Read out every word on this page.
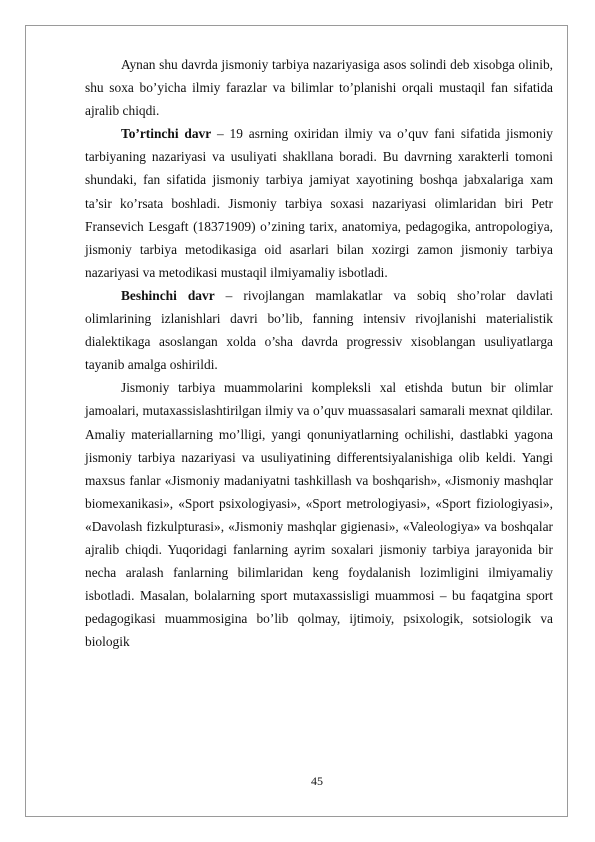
Aynan shu davrda jismoniy tarbiya nazariyasiga asos solindi deb xisobga olinib, shu soxa bo’yicha ilmiy farazlar va bilimlar to’planishi orqali mustaqil fan sifatida ajralib chiqdi.

To’rtinchi davr – 19 asrning oxiridan ilmiy va o’quv fani sifatida jismoniy tarbiyaning nazariyasi va usuliyati shakllana boradi. Bu davrning xarakterli tomoni shundaki, fan sifatida jismoniy tarbiya jamiyat xayotining boshqa jabxalariga xam ta’sir ko’rsata boshladi. Jismoniy tarbiya soxasi nazariyasi olimlaridan biri Petr Fransevich Lesgaft (18371909) o’zining tarix, anatomiya, pedagogika, antropologiya, jismoniy tarbiya metodikasiga oid asarlari bilan xozirgi zamon jismoniy tarbiya nazariyasi va metodikasi mustaqil ilmiyamaliy isbotladi.

Beshinchi davr – rivojlangan mamlakatlar va sobiq sho’rolar davlati olimlarining izlanishlari davri bo’lib, fanning intensiv rivojlanishi materialistik dialektikaga asoslangan xolda o’sha davrda progressiv xisoblangan usuliyatlarga tayanib amalga oshirildi.

Jismoniy tarbiya muammolarini kompleksli xal etishda butun bir olimlar jamoalari, mutaxassislashtirilgan ilmiy va o’quv muassasalari samarali mexnat qildilar. Amaliy materiallarning mo’lligi, yangi qonuniyatlarning ochilishi, dastlabki yagona jismoniy tarbiya nazariyasi va usuliyatining differentsiyalanishiga olib keldi. Yangi maxsus fanlar «Jismoniy madaniyatni tashkillash va boshqarish», «Jismoniy mashqlar biomexanikasi», «Sport psixologiyasi», «Sport metrologiyasi», «Sport fiziologiyasi», «Davolash fizkulpturasi», «Jismoniy mashqlar gigienasi», «Valeologiya» va boshqalar ajralib chiqdi. Yuqoridagi fanlarning ayrim soxalari jismoniy tarbiya jarayonida bir necha aralash fanlarning bilimlaridan keng foydalanish lozimligini ilmiyamaliy isbotladi. Masalan, bolalarning sport mutaxassisligi muammosi – bu faqatgina sport pedagogikasi muammosigina bo’lib qolmay, ijtimoiy, psixologik, sotsiologik va biologik

45
